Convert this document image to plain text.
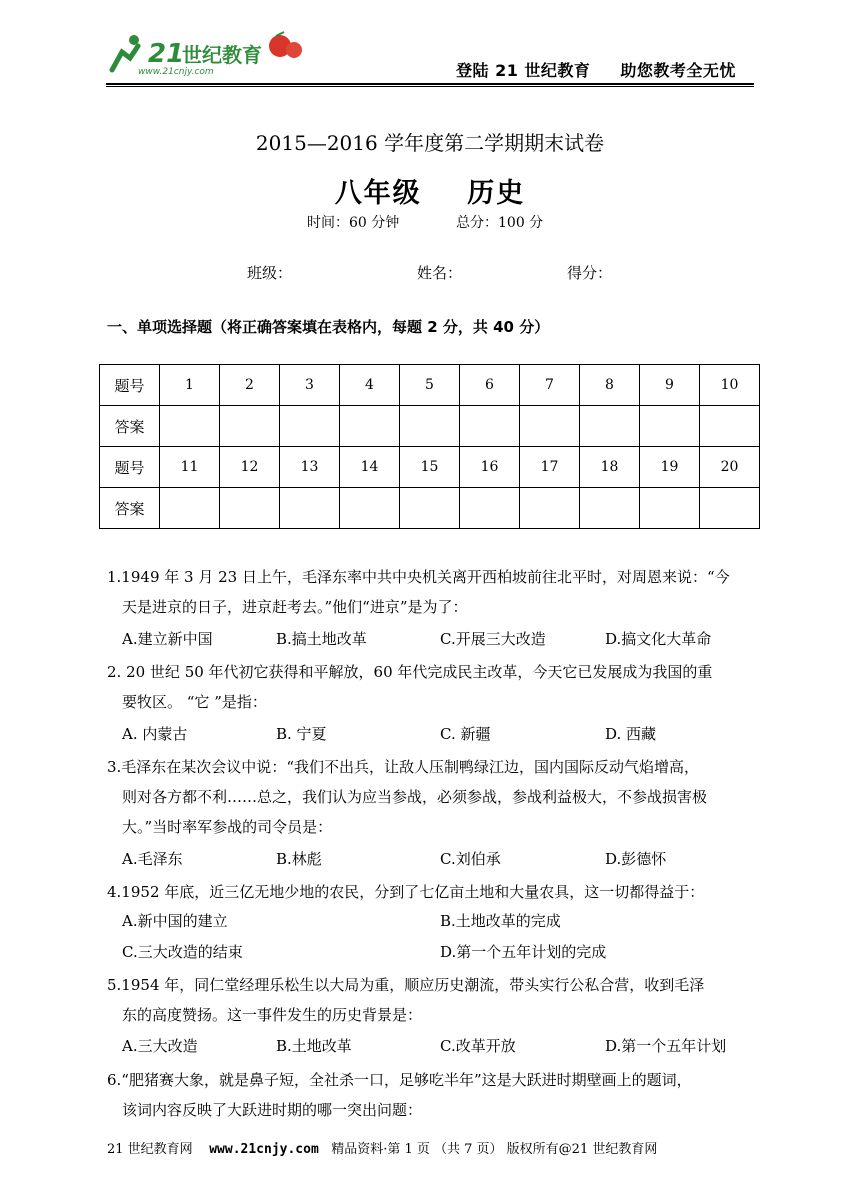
21
世纪教育
www.21cnjy.com	登陆 21 世纪教育 助您教考全无忧
2015—2016 学年度第二学期期末试卷
八年级    历史
时间：60 分钟	总分：100 分
班级：	姓名：	得分：
一、单项选择题（将正确答案填在表格内，每题 2 分，共 40 分）
题号	1	2	3	4	5	6	7	8	9	10
答案										
题号	11	12	13	14	15	16	17	18	19	20
答案										
1.1949 年 3 月 23 日上午，毛泽东率中共中央机关离开西柏坡前往北平时，对周恩来说：“今
天是进京的日子，进京赶考去。”他们“进京”是为了：
A.建立新中国	B.搞土地改革	C.开展三大改造	D.搞文化大革命
2. 20 世纪 50 年代初它获得和平解放，60 年代完成民主改革，今天它已发展成为我国的重
要牧区。 “它 ”是指：
A. 内蒙古	B. 宁夏	C. 新疆	D. 西藏
3.毛泽东在某次会议中说：“我们不出兵，让敌人压制鸭绿江边，国内国际反动气焰增高，
则对各方都不利……总之，我们认为应当参战，必须参战，参战利益极大，不参战损害极
大。”当时率军参战的司令员是：
A.毛泽东	B.林彪	C.刘伯承	D.彭德怀
4.1952 年底，近三亿无地少地的农民，分到了七亿亩土地和大量农具，这一切都得益于：
A.新中国的建立	B.土地改革的完成
C.三大改造的结束	D.第一个五年计划的完成
5.1954 年，同仁堂经理乐松生以大局为重，顺应历史潮流，带头实行公私合营，收到毛泽
东的高度赞扬。这一事件发生的历史背景是：
A.三大改造	B.土地改革	C.改革开放	D.第一个五年计划
6.“肥猪赛大象，就是鼻子短，全社杀一口，足够吃半年”这是大跃进时期壁画上的题词，
该词内容反映了大跃进时期的哪一突出问题：
21 世纪教育网 www.21cnjy.com 精品资料·第 1 页 （共 7 页） 版权所有@21 世纪教育网
